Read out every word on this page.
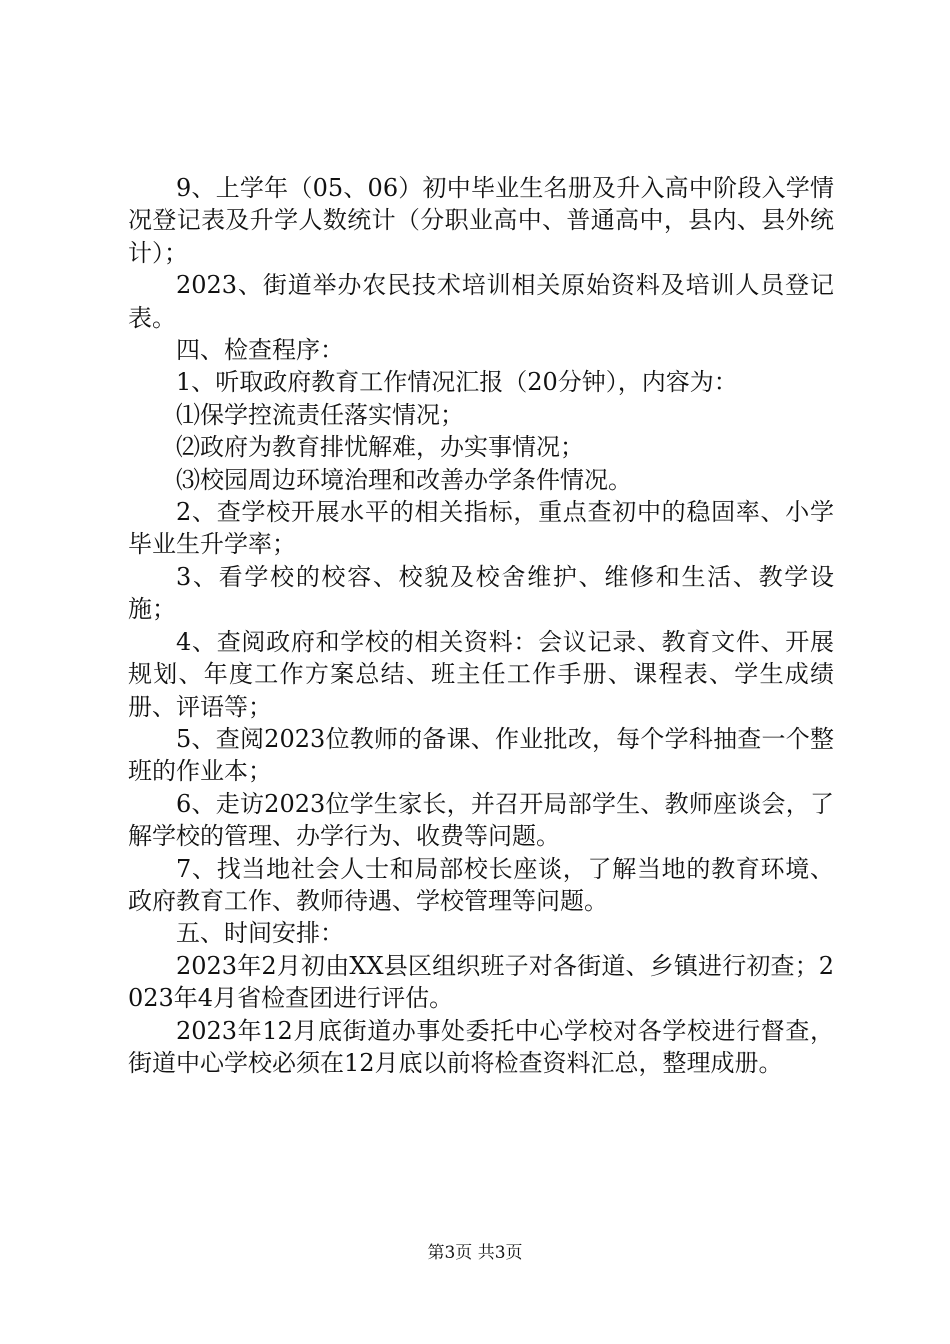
9、上学年（05、06）初中毕业生名册及升入高中阶段入学情况登记表及升学人数统计（分职业高中、普通高中，县内、县外统计）；

2023、街道举办农民技术培训相关原始资料及培训人员登记表。

四、检查程序：

1、听取政府教育工作情况汇报（20分钟），内容为：

⑴保学控流责任落实情况；

⑵政府为教育排忧解难，办实事情况；

⑶校园周边环境治理和改善办学条件情况。

2、查学校开展水平的相关指标，重点查初中的稳固率、小学毕业生升学率；

3、看学校的校容、校貌及校舍维护、维修和生活、教学设施；

4、查阅政府和学校的相关资料：会议记录、教育文件、开展规划、年度工作方案总结、班主任工作手册、课程表、学生成绩册、评语等；

5、查阅2023位教师的备课、作业批改，每个学科抽查一个整班的作业本；

6、走访2023位学生家长，并召开局部学生、教师座谈会，了解学校的管理、办学行为、收费等问题。

7、找当地社会人士和局部校长座谈，了解当地的教育环境、政府教育工作、教师待遇、学校管理等问题。

五、时间安排：

2023年2月初由XX县区组织班子对各街道、乡镇进行初查；2023年4月省检查团进行评估。

2023年12月底街道办事处委托中心学校对各学校进行督查，街道中心学校必须在12月底以前将检查资料汇总，整理成册。

第3页 共3页
